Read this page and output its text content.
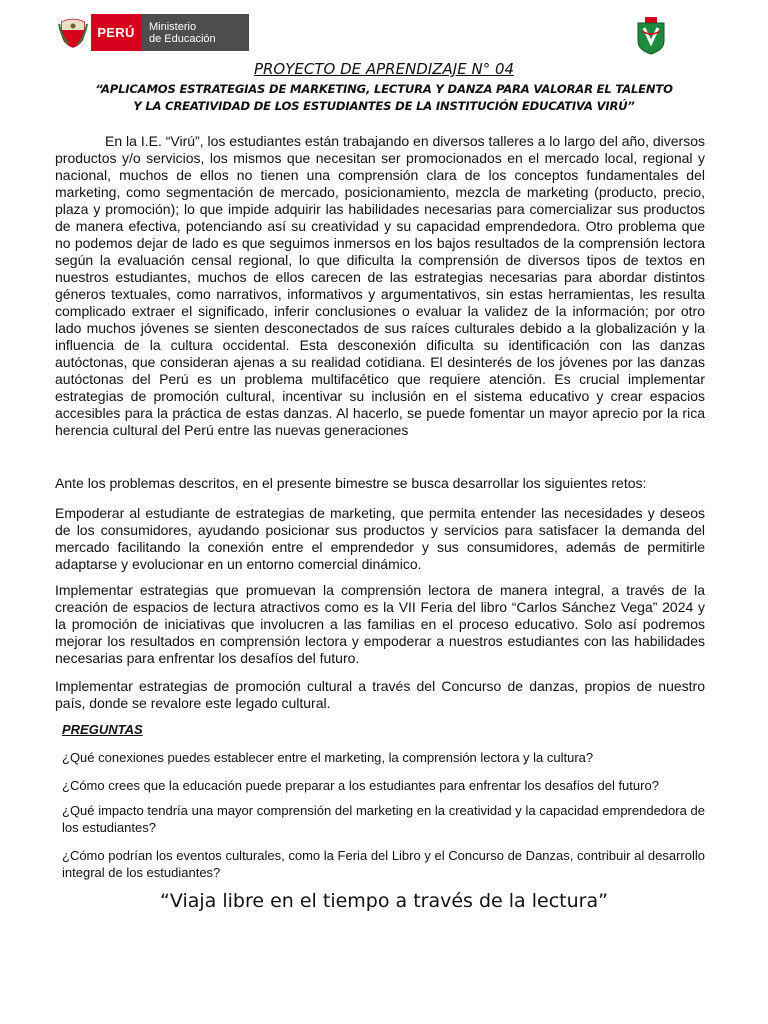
PERÚ	Ministerio
de Educación
PROYECTO DE APRENDIZAJE N° 04
“APLICAMOS ESTRATEGIAS DE MARKETING, LECTURA Y DANZA PARA VALORAR EL TALENTO
Y LA CREATIVIDAD DE LOS ESTUDIANTES DE LA INSTITUCIÓN EDUCATIVA VIRÚ”
En la I.E. “Virú”, los estudiantes están trabajando en diversos talleres a lo largo del año, diversos productos y/o servicios, los mismos que necesitan ser promocionados en el mercado local, regional y nacional, muchos de ellos no tienen una comprensión clara de los conceptos fundamentales del marketing, como segmentación de mercado, posicionamiento, mezcla de marketing (producto, precio, plaza y promoción); lo que impide adquirir las habilidades necesarias para comercializar sus productos de manera efectiva, potenciando así su creatividad y su capacidad emprendedora. Otro problema que no podemos dejar de lado es que seguimos inmersos en los bajos resultados de la comprensión lectora según la evaluación censal regional, lo que dificulta la comprensión de diversos tipos de textos en nuestros estudiantes, muchos de ellos carecen de las estrategias necesarias para abordar distintos géneros textuales, como narrativos, informativos y argumentativos, sin estas herramientas, les resulta complicado extraer el significado, inferir conclusiones o evaluar la validez de la información; por otro lado muchos jóvenes se sienten desconectados de sus raíces culturales debido a la globalización y la influencia de la cultura occidental. Esta desconexión dificulta su identificación con las danzas autóctonas, que consideran ajenas a su realidad cotidiana. El desinterés de los jóvenes por las danzas autóctonas del Perú es un problema multifacético que requiere atención. Es crucial implementar estrategias de promoción cultural, incentivar su inclusión en el sistema educativo y crear espacios accesibles para la práctica de estas danzas. Al hacerlo, se puede fomentar un mayor aprecio por la rica herencia cultural del Perú entre las nuevas generaciones
Ante los problemas descritos, en el presente bimestre se busca desarrollar los siguientes retos:
Empoderar al estudiante de estrategias de marketing, que permita entender las necesidades y deseos de los consumidores, ayudando posicionar sus productos y servicios para satisfacer la demanda del mercado facilitando la conexión entre el emprendedor y sus consumidores, además de permitirle adaptarse y evolucionar en un entorno comercial dinámico.
Implementar estrategias que promuevan la comprensión lectora de manera integral, a través de la creación de espacios de lectura atractivos como es la VII Feria del libro “Carlos Sánchez Vega” 2024 y la promoción de iniciativas que involucren a las familias en el proceso educativo. Solo así podremos mejorar los resultados en comprensión lectora y empoderar a nuestros estudiantes con las habilidades necesarias para enfrentar los desafíos del futuro.
Implementar estrategias de promoción cultural a través del Concurso de danzas, propios de nuestro país, donde se revalore este legado cultural.
PREGUNTAS
¿Qué conexiones puedes establecer entre el marketing, la comprensión lectora y la cultura?
¿Cómo crees que la educación puede preparar a los estudiantes para enfrentar los desafíos del futuro?
¿Qué impacto tendría una mayor comprensión del marketing en la creatividad y la capacidad emprendedora de los estudiantes?
¿Cómo podrían los eventos culturales, como la Feria del Libro y el Concurso de Danzas, contribuir al desarrollo integral de los estudiantes?
“Viaja libre en el tiempo a través de la lectura”
